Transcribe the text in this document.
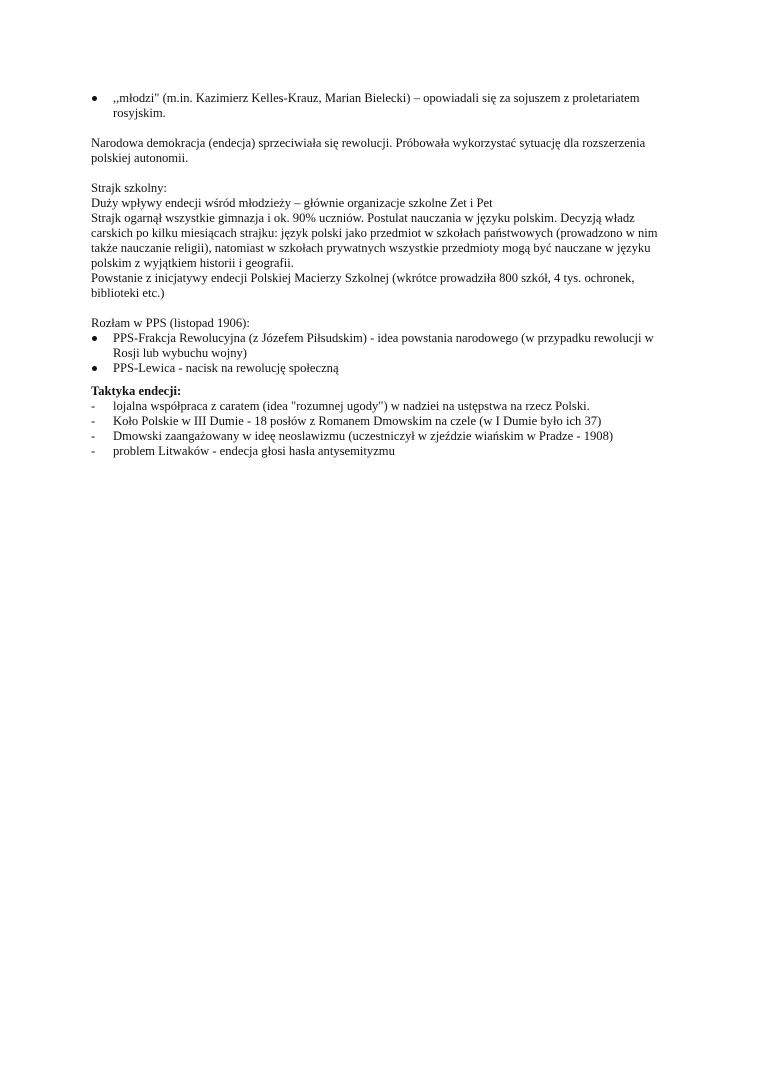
,,młodzi" (m.in. Kazimierz Kelles-Krauz, Marian Bielecki) – opowiadali się za sojuszem z proletariatem rosyjskim.

Narodowa demokracja (endecja) sprzeciwiała się rewolucji. Próbowała wykorzystać sytuację dla rozszerzenia polskiej autonomii.

Strajk szkolny:

Duży wpływy endecji wśród młodzieży – głównie organizacje szkolne Zet i Pet

Strajk ogarnął wszystkie gimnazja i ok. 90% uczniów. Postulat nauczania w języku polskim. Decyzją władz carskich po kilku miesiącach strajku: język polski jako przedmiot w szkołach państwowych (prowadzono w nim także nauczanie religii), natomiast w szkołach prywatnych wszystkie przedmioty mogą być nauczane w języku polskim z wyjątkiem historii i geografii.

Powstanie z inicjatywy endecji Polskiej Macierzy Szkolnej (wkrótce prowadziła 800 szkół, 4 tys. ochronek, biblioteki etc.)

Rozłam w PPS (listopad 1906):

PPS-Frakcja Rewolucyjna (z Józefem Piłsudskim) - idea powstania narodowego (w przypadku rewolucji w Rosji lub wybuchu wojny)
PPS-Lewica - nacisk na rewolucję społeczną

Taktyka endecji:

-	lojalna współpraca z caratem (idea "rozumnej ugody") w nadziei na ustępstwa na rzecz Polski.
-	Koło Polskie w III Dumie - 18 posłów z Romanem Dmowskim na czele (w I Dumie było ich 37)
-	Dmowski zaangażowany w ideę neoslawizmu (uczestniczył w zjeździe wiańskim w Pradze - 1908)
-	problem Litwaków - endecja głosi hasła antysemityzmu
